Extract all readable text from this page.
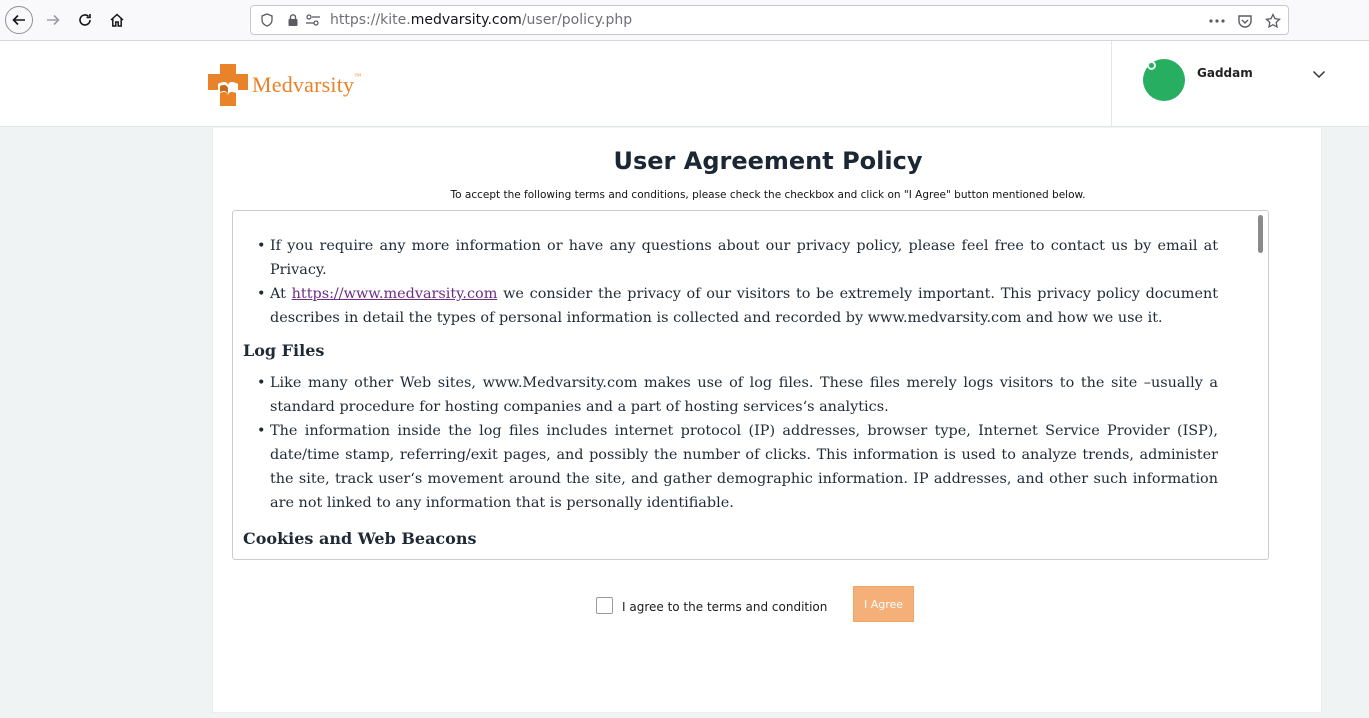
https://kite.medvarsity.com/user/policy.php
Medvarsity™	Gaddam
User Agreement Policy

To accept the following terms and conditions, please check the checkbox and click on "I Agree" button mentioned below.

• If you require any more information or have any questions about our privacy policy, please feel free to contact us by email at Privacy.
• At https://www.medvarsity.com we consider the privacy of our visitors to be extremely important. This privacy policy document describes in detail the types of personal information is collected and recorded by www.medvarsity.com and how we use it.
Log Files
• Like many other Web sites, www.Medvarsity.com makes use of log files. These files merely logs visitors to the site –usually a standard procedure for hosting companies and a part of hosting services‘s analytics.
• The information inside the log files includes internet protocol (IP) addresses, browser type, Internet Service Provider (ISP), date/time stamp, referring/exit pages, and possibly the number of clicks. This information is used to analyze trends, administer the site, track user‘s movement around the site, and gather demographic information. IP addresses, and other such information are not linked to any information that is personally identifiable.
Cookies and Web Beacons
I agree to the terms and condition	I Agree
